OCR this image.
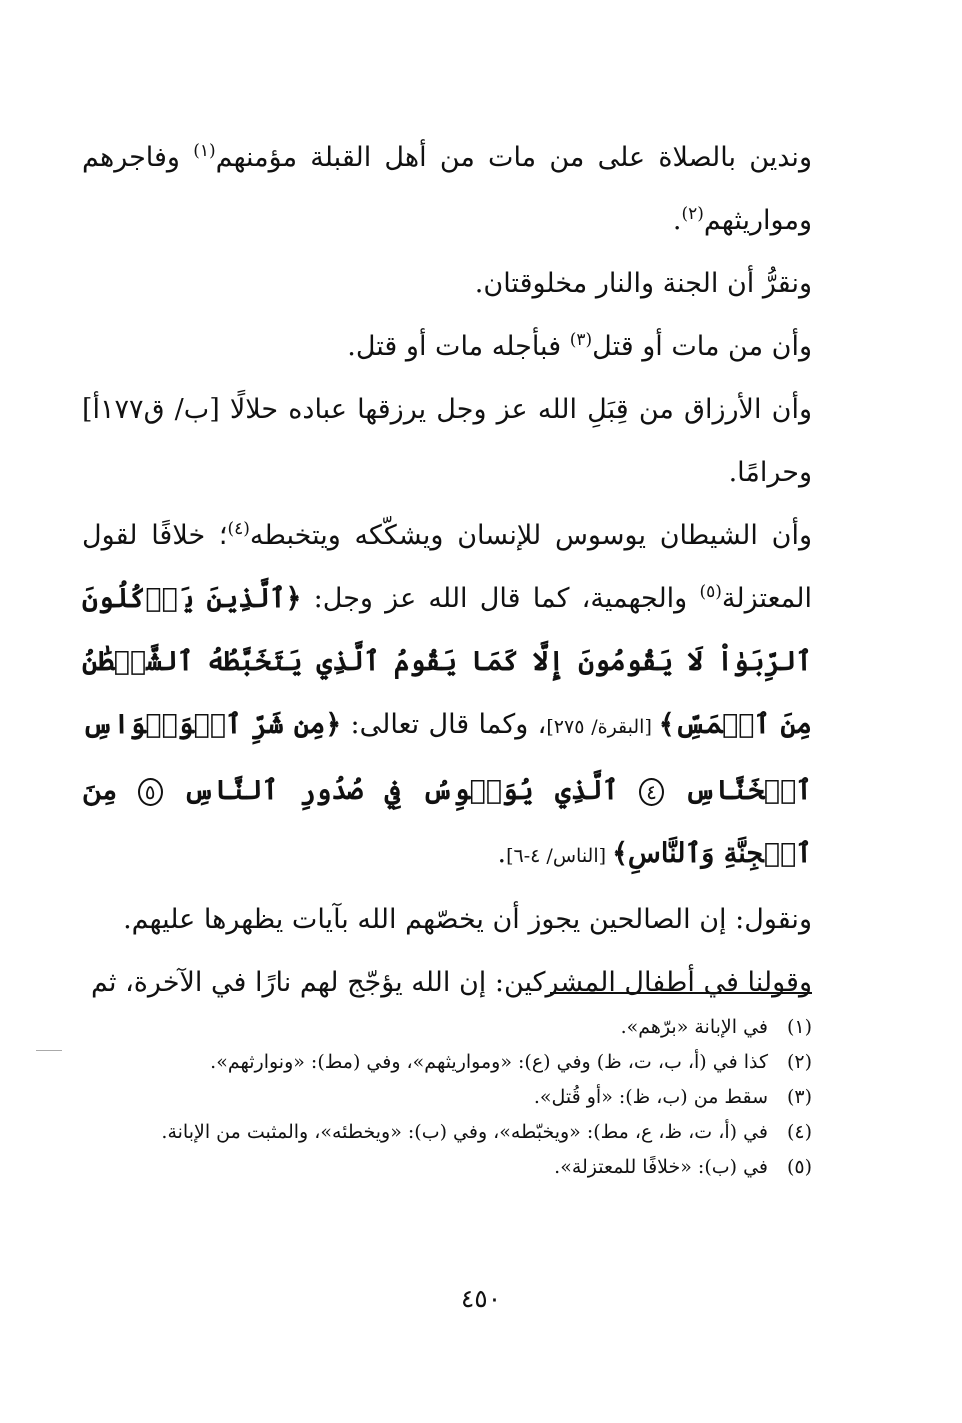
وندين بالصلاة على من مات من أهل القبلة مؤمنهم$^{(١)}$ وفاجرهم ومواريثهم$^{(٢)}$.

ونقرُّ أن الجنة والنار مخلوقتان.

وأن من مات أو قتل$^{(٣)}$ فبأجله مات أو قتل.

وأن الأرزاق من قِبَلِ الله عز وجل يرزقها عباده حلالًا [ب/ ق١٧٧أ] وحرامًا.

وأن الشيطان يوسوس للإنسان ويشكّكه ويتخبطه$^{(٤)}$؛ خلافًا لقول المعتزلة$^{(٥)}$ والجهمية، كما قال الله عز وجل: ﴿ٱلَّذِينَ يَأۡكُلُونَ ٱلرِّبَوٰاْ لَا يَقُومُونَ إِلَّا كَمَا يَقُومُ ٱلَّذِي يَتَخَبَّطُهُ ٱلشَّيۡطَٰنُ مِنَ ٱلۡمَسِّ﴾ [البقرة/ ٢٧٥]، وكما قال تعالى: ﴿مِن شَرِّ ٱلۡوَسۡوَاسِ ٱلۡخَنَّاسِ ٤ ٱلَّذِي يُوَسۡوِسُ فِي صُدُورِ ٱلنَّاسِ ٥ مِنَ ٱلۡجِنَّةِ وَٱلنَّاسِ﴾ [الناس/ ٤-٦].

ونقول: إن الصالحين يجوز أن يخصّهم الله بآيات يظهرها عليهم.

وقولنا في أطفال المشركين: إن الله يؤجّج لهم نارًا في الآخرة، ثم

(١)في الإبانة «برّهم».
(٢)كذا في (أ، ب، ت، ظ) وفي (ع): «ومواريثهم»، وفي (مط): «ونوارثهم».
(٣)سقط من (ب، ظ): «أو قُتل».
(٤)في (أ، ت، ظ، ع، مط): «ويخبّطه»، وفي (ب): «ويخطئه»، والمثبت من الإبانة.
(٥)في (ب): «خلافًا للمعتزلة».
٤٥٠
